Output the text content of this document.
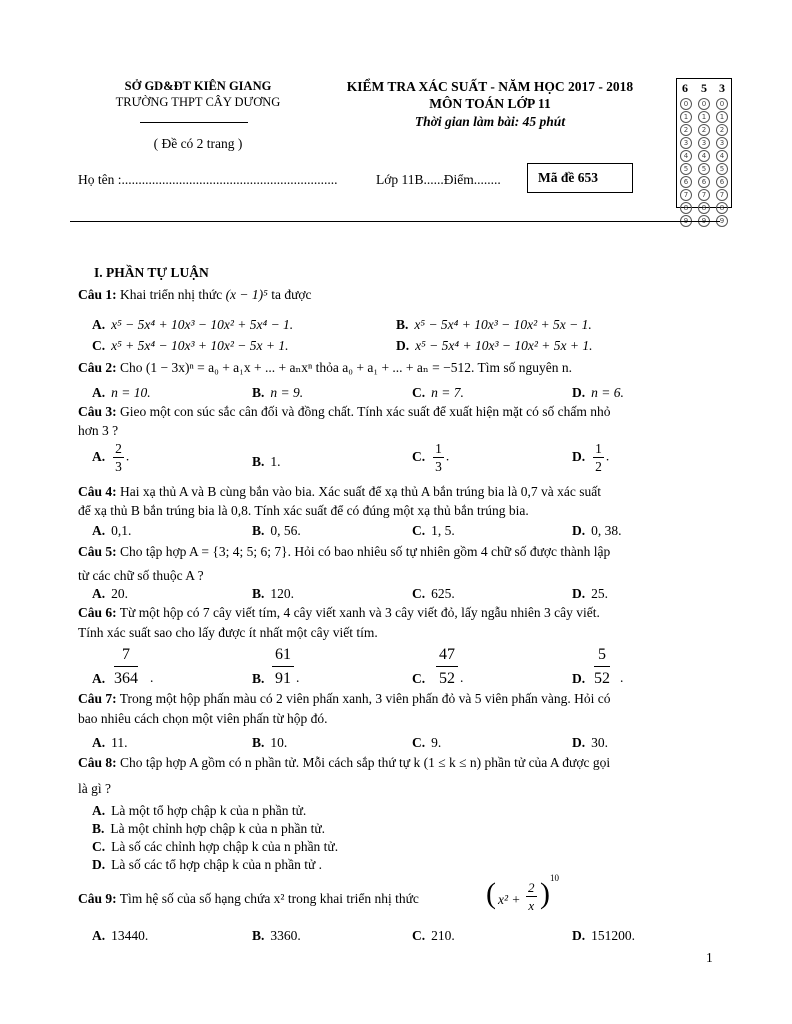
SỞ GD&ĐT KIÊN GIANG
TRƯỜNG THPT CÂY DƯƠNG
( Đề có 2 trang )
KIỂM TRA XÁC SUẤT - NĂM HỌC 2017 - 2018
MÔN TOÁN LỚP 11
Thời gian làm bài: 45 phút
Họ tên :................................................................	Lớp 11B......Điểm........	Mã đề 653
6 5 3
0
1
2
3
4
5
6
7
8
9
0
1
2
3
4
5
6
7
8
9
0
1
2
3
4
5
6
7
8
9
I. PHẦN TỰ LUẬN
Câu 1: Khai triển nhị thức (x − 1)⁵ ta được
A. x⁵ − 5x⁴ + 10x³ − 10x² + 5x⁴ − 1.	B. x⁵ − 5x⁴ + 10x³ − 10x² + 5x − 1.
C. x⁵ + 5x⁴ − 10x³ + 10x² − 5x + 1.	D. x⁵ − 5x⁴ + 10x³ − 10x² + 5x + 1.
Câu 2: Cho (1 − 3x)ⁿ = a₀ + a₁x + ... + aₙxⁿ thỏa a₀ + a₁ + ... + aₙ = −512. Tìm số nguyên n.
A. n = 10.	B. n = 9.	C. n = 7.	D. n = 6.
Câu 3: Gieo một con súc sắc cân đối và đồng chất. Tính xác suất để xuất hiện mặt có số chấm nhỏ
hơn 3 ?
A. $\frac{2}{3}$ .	B. 1.	C. $\frac{1}{3}$ .	D. $\frac{1}{2}$ .
Câu 4: Hai xạ thủ A và B cùng bắn vào bia. Xác suất để xạ thủ A bắn trúng bia là 0,7 và xác suất
để xạ thủ B bắn trúng bia là 0,8. Tính xác suất để có đúng một xạ thủ bắn trúng bia.
A. 0,1.	B. 0, 56.	C. 1, 5.	D. 0, 38.
Câu 5: Cho tập hợp A = {3; 4; 5; 6; 7}. Hỏi có bao nhiêu số tự nhiên gồm 4 chữ số được thành lập
từ các chữ số thuộc A ?
A. 20.	B. 120.	C. 625.	D. 25.
Câu 6: Từ một hộp có 7 cây viết tím, 4 cây viết xanh và 3 cây viết đỏ, lấy ngẫu nhiên 3 cây viết.
Tính xác suất sao cho lấy được ít nhất một cây viết tím.
A.
7
364 .	B.
61
91 .	C.
47
52 .	D.
5
52 .
Câu 7: Trong một hộp phấn màu có 2 viên phấn xanh, 3 viên phấn đỏ và 5 viên phấn vàng. Hỏi có
bao nhiêu cách chọn một viên phấn từ hộp đó.
A. 11.	B. 10.	C. 9.	D. 30.
Câu 8: Cho tập hợp A gồm có n phần tử. Mỗi cách sắp thứ tự k (1 ≤ k ≤ n) phần tử của A được gọi
là gì ?
A. Là một tổ hợp chập k của n phần tử.
B. Là một chỉnh hợp chập k của n phần tử.
C. Là số các chỉnh hợp chập k của n phần tử.
D. Là số các tổ hợp chập k của n phần tử .
Câu 9: Tìm hệ số của số hạng chứa x² trong khai triển nhị thức ( $x^2 + \frac{2}{x}$ ) 10
A. 13440.	B. 3360.	C. 210.	D. 151200.
1
